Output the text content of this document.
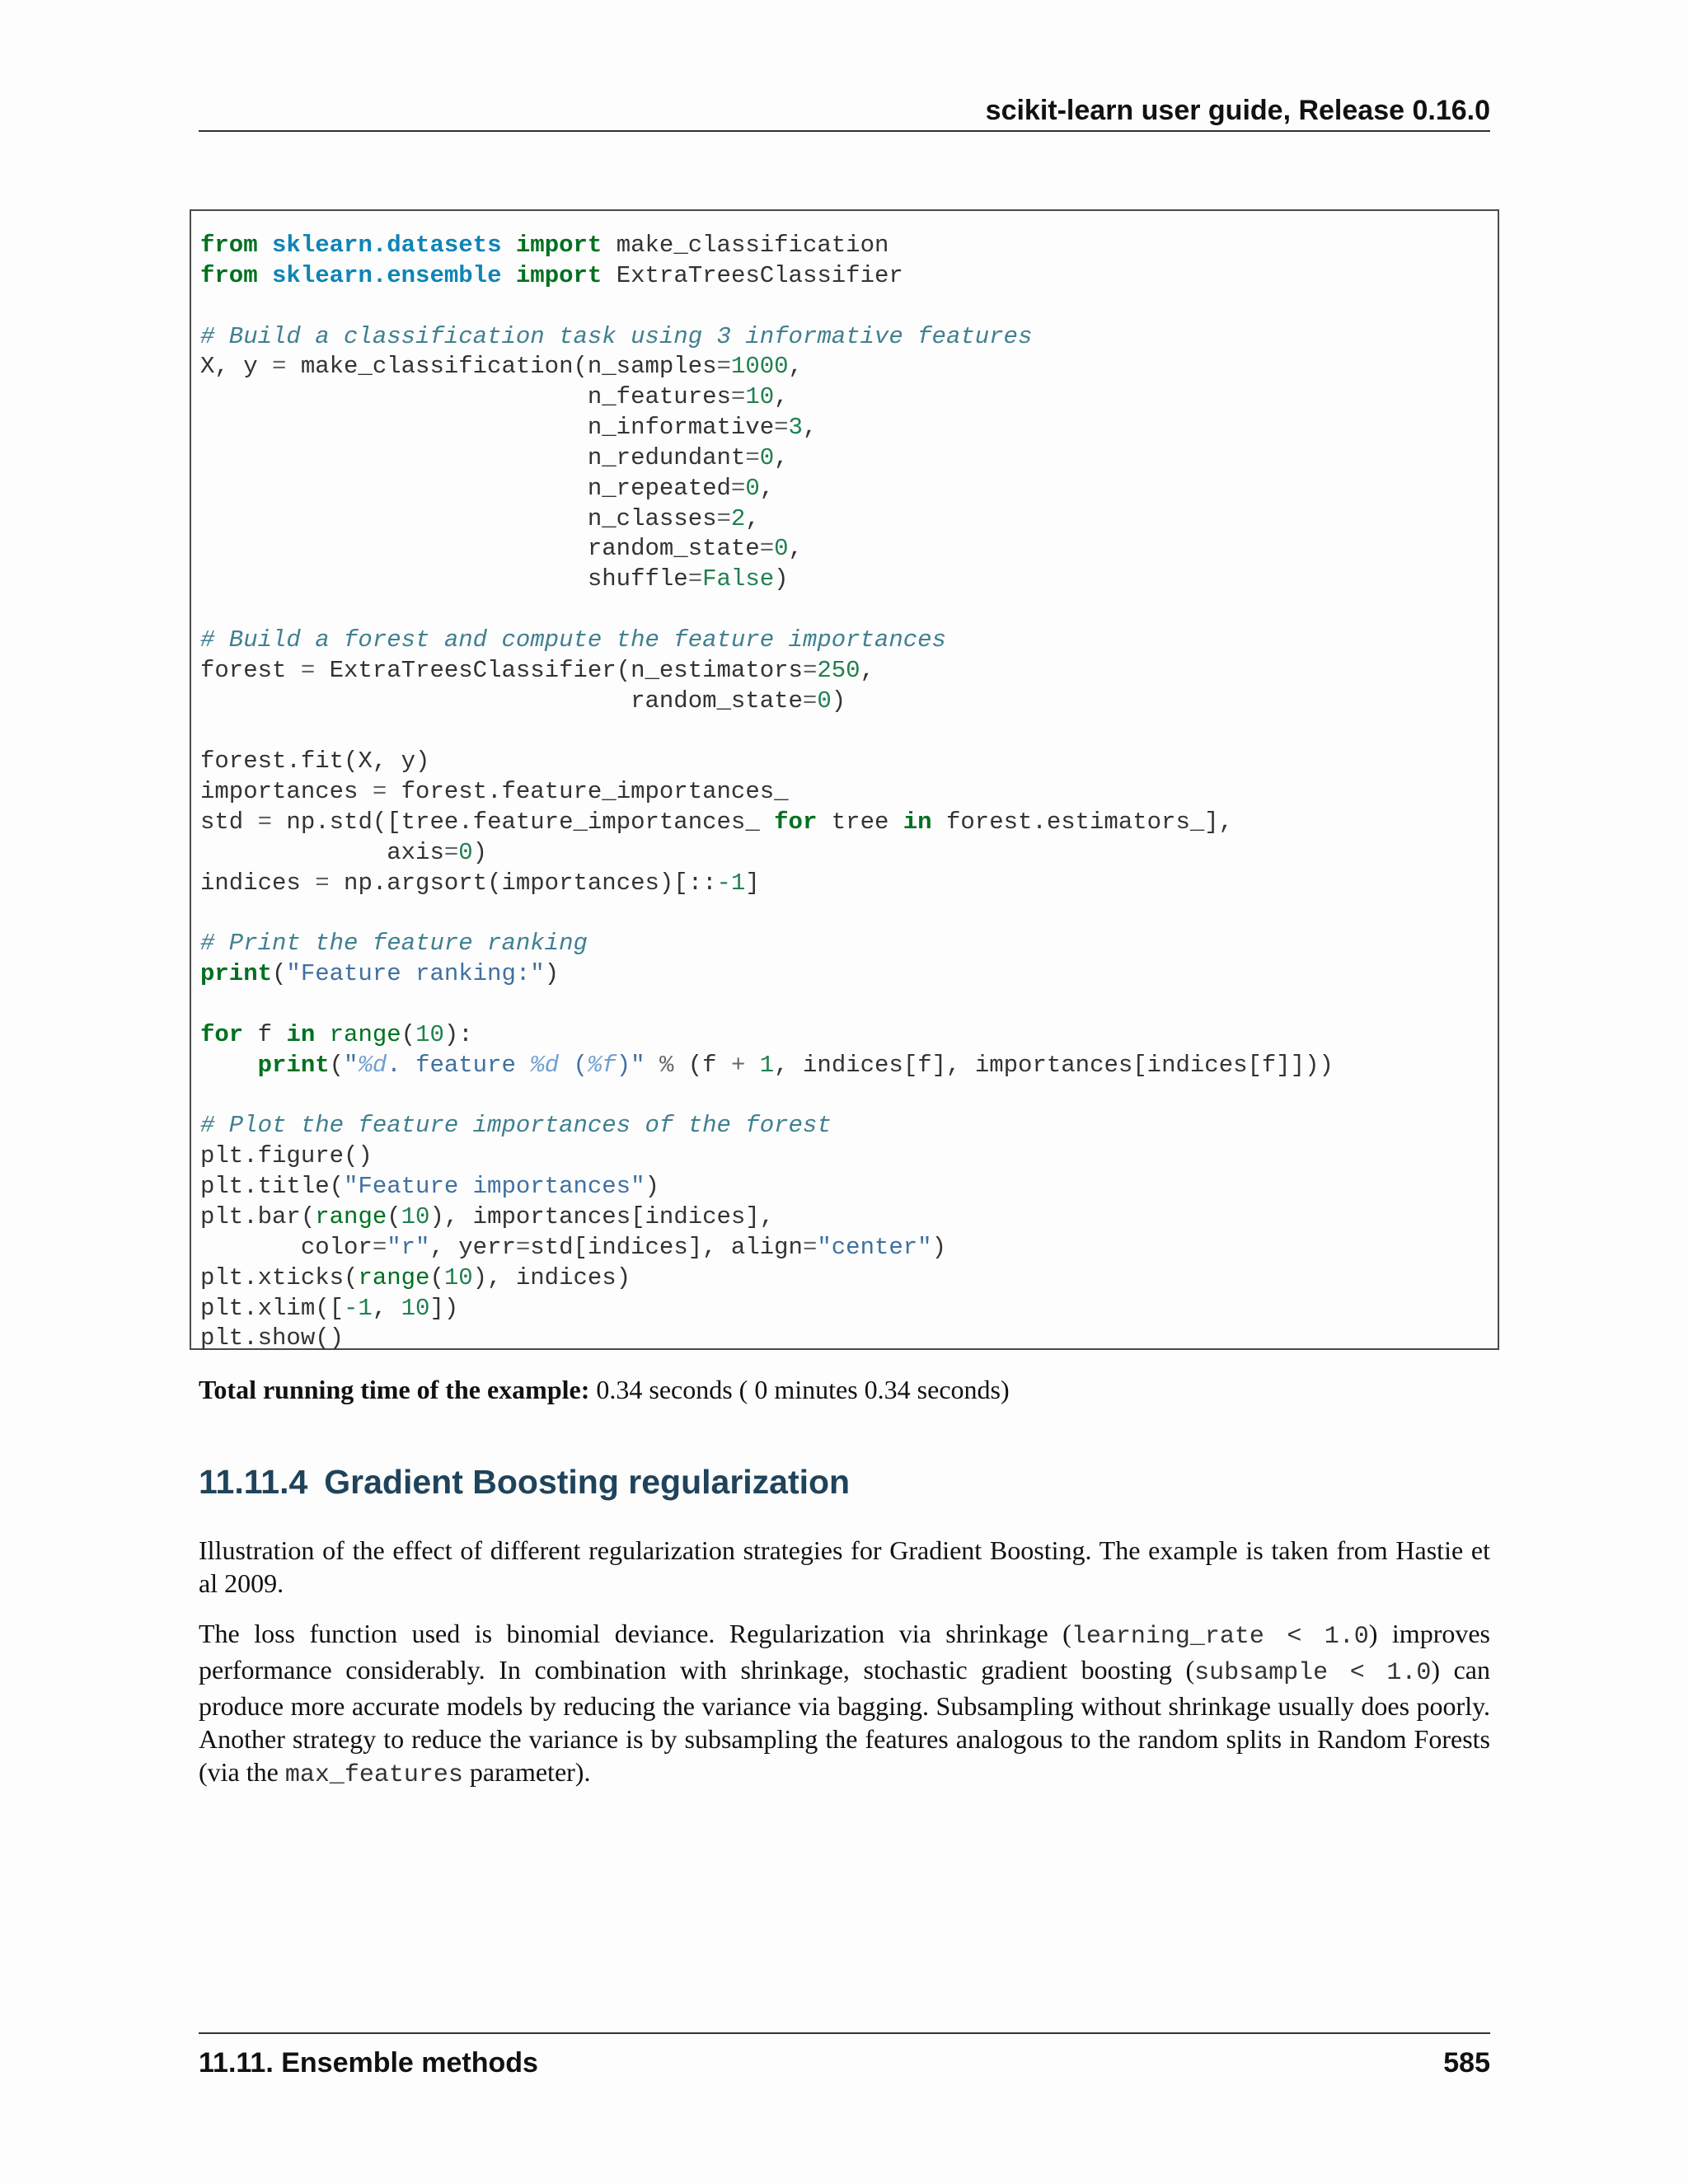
scikit-learn user guide, Release 0.16.0
from sklearn.datasets import make_classification
from sklearn.ensemble import ExtraTreesClassifier
# Build a classification task using 3 informative features
X, y = make_classification(n_samples=1000,
n_features=10,
n_informative=3,
n_redundant=0,
n_repeated=0,
n_classes=2,
random_state=0,
shuffle=False)
# Build a forest and compute the feature importances
forest = ExtraTreesClassifier(n_estimators=250,
random_state=0)
forest.fit(X, y)
importances = forest.feature_importances_
std = np.std([tree.feature_importances_ for tree in forest.estimators_],
axis=0)
indices = np.argsort(importances)[::-1]
# Print the feature ranking
print("Feature ranking:")
for f in range(10):
print("%d. feature %d (%f)" % (f + 1, indices[f], importances[indices[f]]))
# Plot the feature importances of the forest
plt.figure()
plt.title("Feature importances")
plt.bar(range(10), importances[indices],
color="r", yerr=std[indices], align="center")
plt.xticks(range(10), indices)
plt.xlim([-1, 10])
plt.show()
Total running time of the example: 0.34 seconds ( 0 minutes 0.34 seconds)
11.11.4 Gradient Boosting regularization
Illustration of the effect of different regularization strategies for Gradient Boosting. The example is taken from Hastie et al 2009.
The loss function used is binomial deviance. Regularization via shrinkage (learning_rate < 1.0) improves performance considerably. In combination with shrinkage, stochastic gradient boosting (subsample < 1.0) can produce more accurate models by reducing the variance via bagging. Subsampling without shrinkage usually does poorly. Another strategy to reduce the variance is by subsampling the features analogous to the random splits in Random Forests (via the max_features parameter).
11.11. Ensemble methods	585
